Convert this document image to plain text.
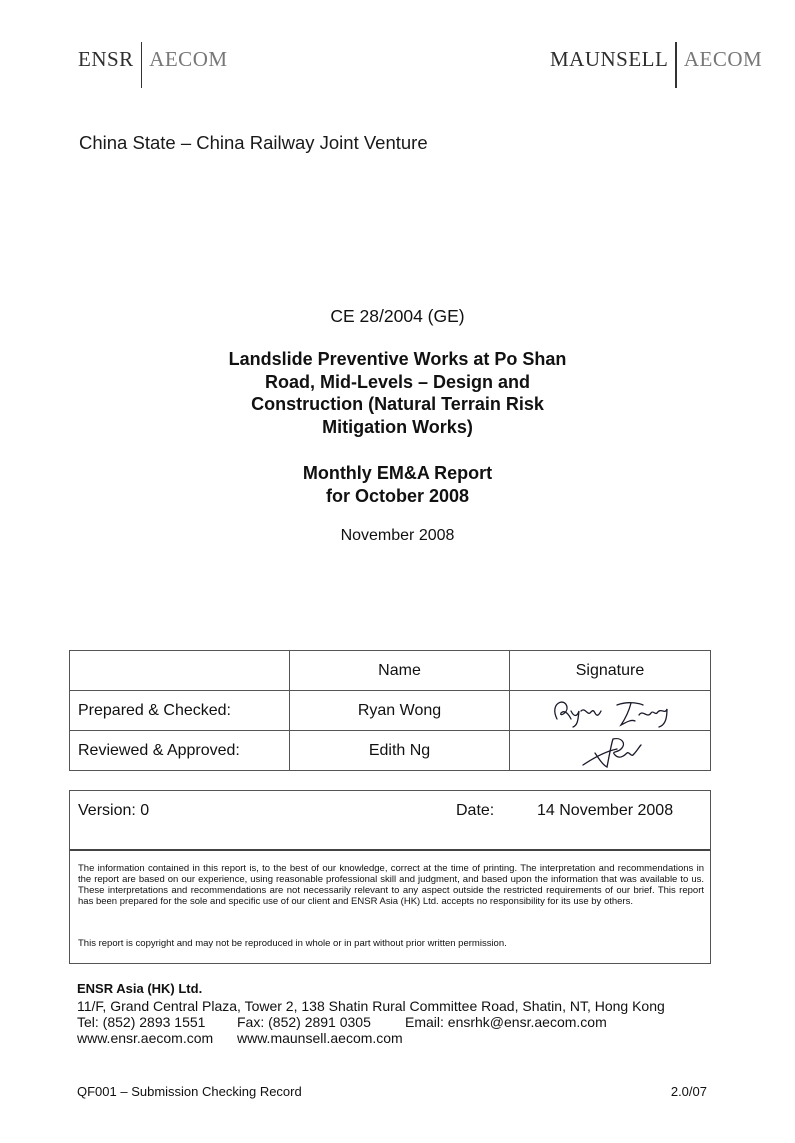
ENSR AECOM	MAUNSELL AECOM
China State – China Railway Joint Venture
CE 28/2004 (GE)
Landslide Preventive Works at Po Shan
Road, Mid-Levels – Design and
Construction (Natural Terrain Risk
Mitigation Works)
Monthly EM&A Report
for October 2008
November 2008
	Name	Signature
Prepared & Checked:	Ryan Wong	

Reviewed & Approved:	Edith Ng	
Version: 0	Date:	14 November 2008
The information contained in this report is, to the best of our knowledge, correct at the time of printing. The interpretation and recommendations in the report are based on our experience, using reasonable professional skill and judgment, and based upon the information that was available to us. These interpretations and recommendations are not necessarily relevant to any aspect outside the restricted requirements of our brief. This report has been prepared for the sole and specific use of our client and ENSR Asia (HK) Ltd. accepts no responsibility for its use by others.
This report is copyright and may not be reproduced in whole or in part without prior written permission.
ENSR Asia (HK) Ltd.
11/F, Grand Central Plaza, Tower 2, 138 Shatin Rural Committee Road, Shatin, NT, Hong Kong
Tel: (852) 2893 1551 Fax: (852) 2891 0305 Email: ensrhk@ensr.aecom.com
www.ensr.aecom.com www.maunsell.aecom.com
QF001 – Submission Checking Record	2.0/07
